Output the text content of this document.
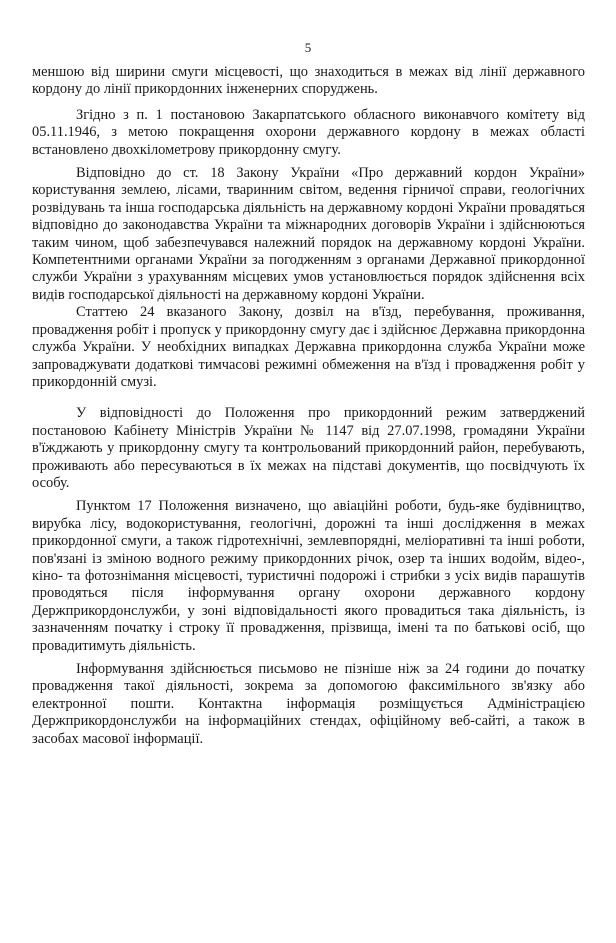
5

меншою від ширини смуги місцевості, що знаходиться в межах від лінії державного кордону до лінії прикордонних інженерних споруджень.

Згідно з п. 1 постановою Закарпатського обласного виконавчого комітету від 05.11.1946, з метою покращення охорони державного кордону в межах області встановлено двохкілометрову прикордонну смугу.

Відповідно до ст. 18 Закону України «Про державний кордон України» користування землею, лісами, тваринним світом, ведення гірничої справи, геологічних розвідувань та інша господарська діяльність на державному кордоні України провадяться відповідно до законодавства України та міжнародних договорів України і здійснюються таким чином, щоб забезпечувався належний порядок на державному кордоні України. Компетентними органами України за погодженням з органами Державної прикордонної служби України з урахуванням місцевих умов установлюється порядок здійснення всіх видів господарської діяльності на державному кордоні України.

Статтею 24 вказаного Закону, дозвіл на в'їзд, перебування, проживання, провадження робіт і пропуск у прикордонну смугу дає і здійснює Державна прикордонна служба України. У необхідних випадках Державна прикордонна служба України може запроваджувати додаткові тимчасові режимні обмеження на в'їзд і провадження робіт у прикордонній смузі.

У відповідності до Положення про прикордонний режим затверджений постановою Кабінету Міністрів України № 1147 від 27.07.1998, громадяни України в'їжджають у прикордонну смугу та контрольований прикордонний район, перебувають, проживають або пересуваються в їх межах на підставі документів, що посвідчують їх особу.

Пунктом 17 Положення визначено, що авіаційні роботи, будь-яке будівництво, вирубка лісу, водокористування, геологічні, дорожні та інші дослідження в межах прикордонної смуги, а також гідротехнічні, землевпорядні, меліоративні та інші роботи, пов'язані із зміною водного режиму прикордонних річок, озер та інших водойм, відео-, кіно- та фотознімання місцевості, туристичні подорожі і стрибки з усіх видів парашутів проводяться після інформування органу охорони державного кордону Держприкордонслужби, у зоні відповідальності якого провадиться така діяльність, із зазначенням початку і строку її провадження, прізвища, імені та по батькові осіб, що провадитимуть діяльність.

Інформування здійснюється письмово не пізніше ніж за 24 години до початку провадження такої діяльності, зокрема за допомогою факсимільного зв'язку або електронної пошти. Контактна інформація розміщується Адміністрацією Держприкордонслужби на інформаційних стендах, офіційному веб-сайті, а також в засобах масової інформації.
